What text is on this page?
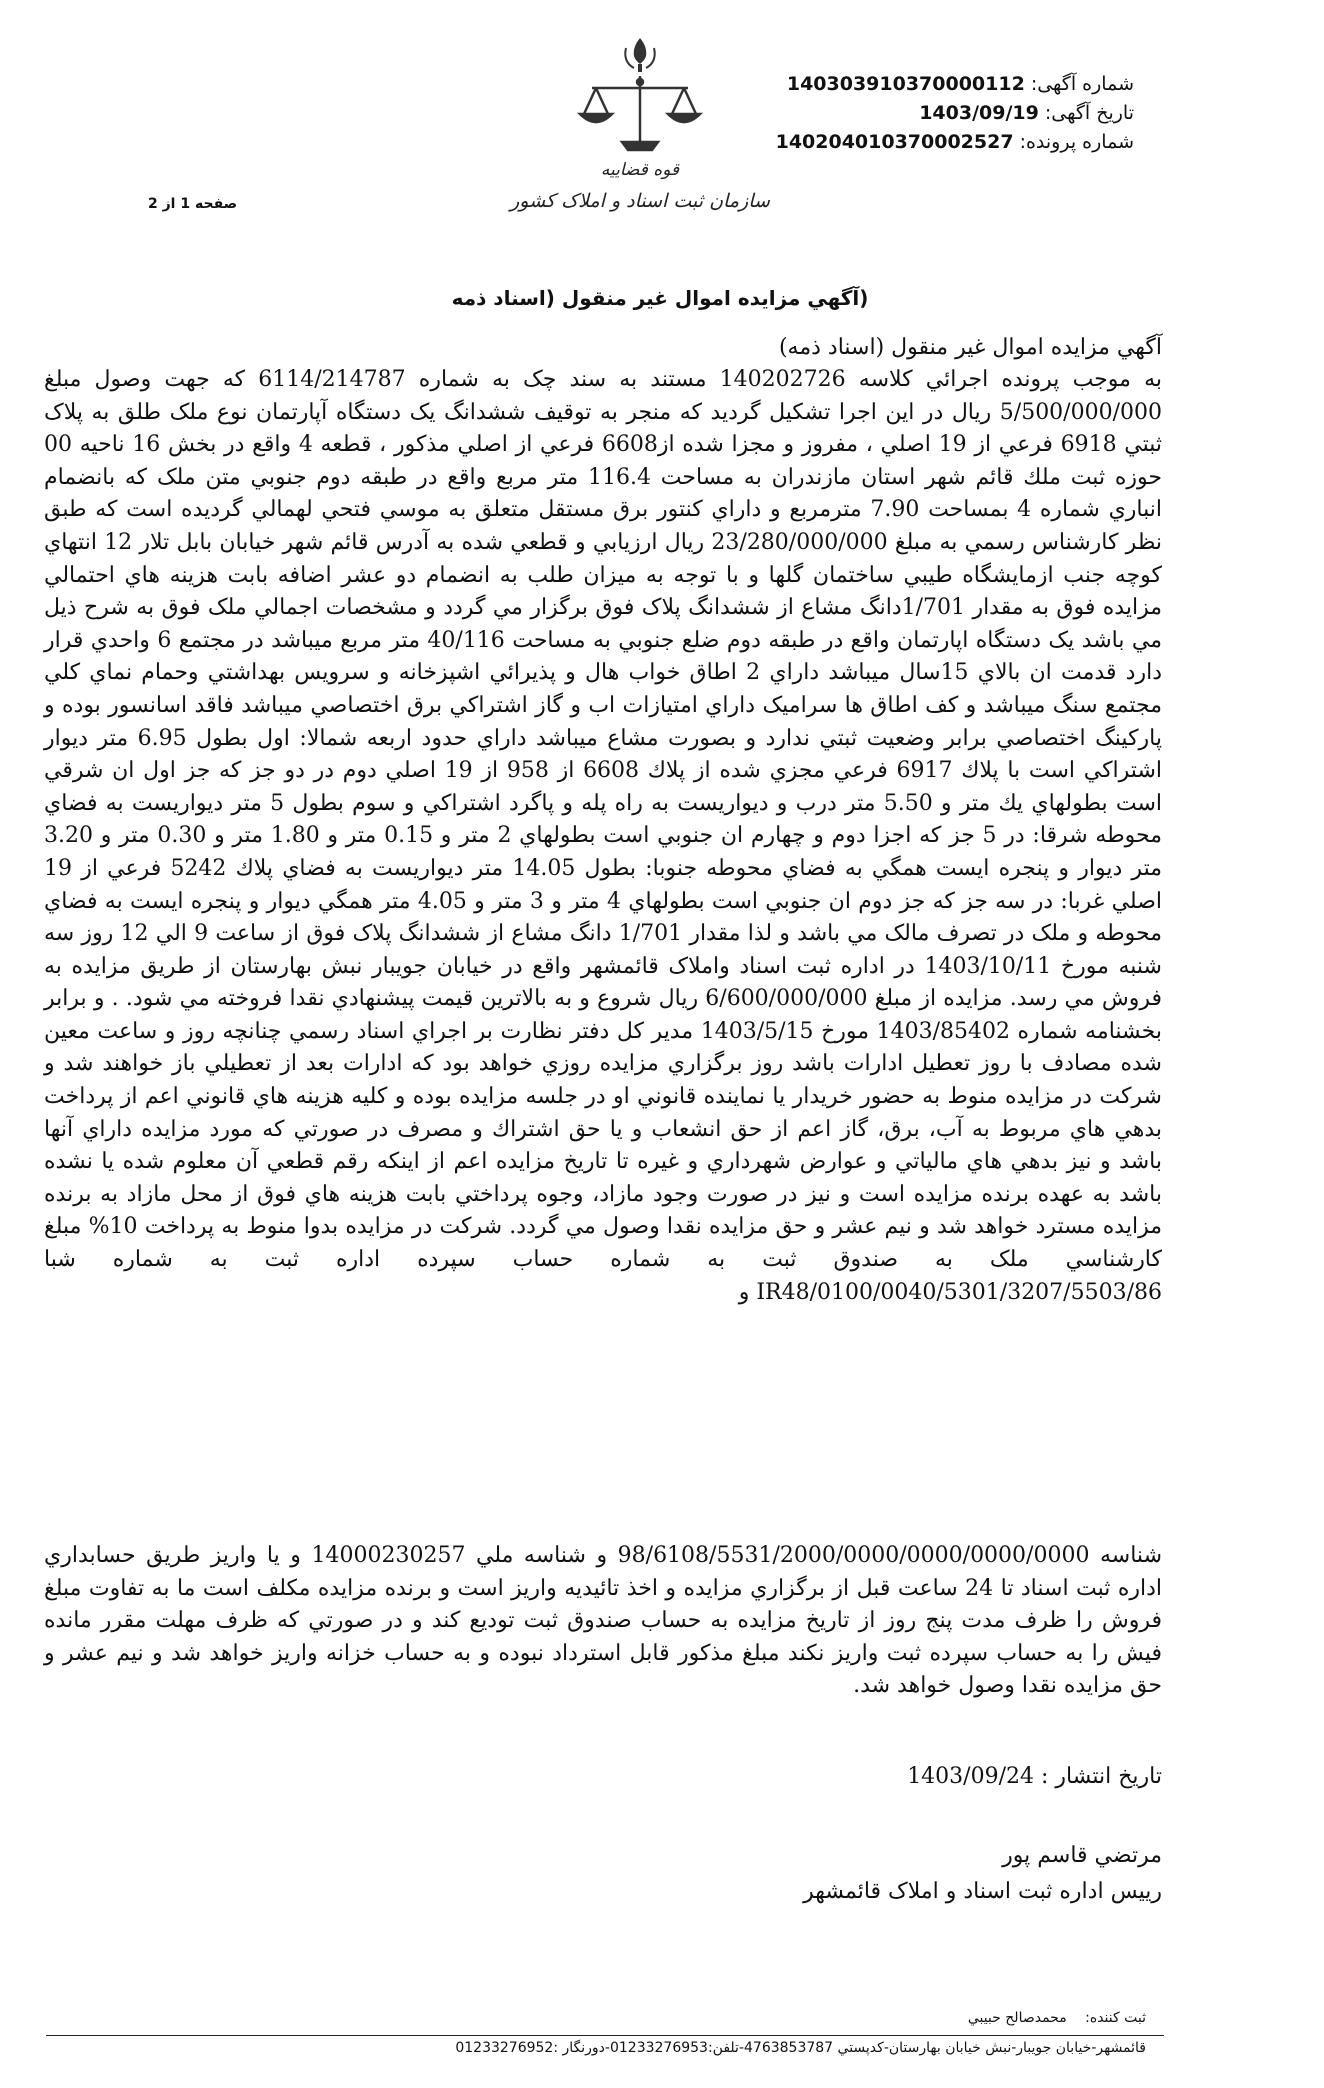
شماره آگهی:140303910370000112
تاریخ آگهی:1403/09/19
شماره پرونده:140204010370002527
صفحه 1 از 2
قوه قضاییه
سازمان ثبت اسناد و املاک کشور
(آگهي مزايده اموال غير منقول (اسناد ذمه
آگهي مزايده اموال غير منقول (اسناد ذمه)
به موجب پرونده اجرائي كلاسه 140202726 مستند به سند چک به شماره 6114/214787 که جهت وصول مبلغ 5/500/000/000 ريال در اين اجرا تشكيل گرديد كه منجر به توقيف ششدانگ يک دستگاه آپارتمان نوع ملک طلق به پلاک ثبتي 6918 فرعي از 19 اصلي ، مفروز و مجزا شده از6608 فرعي از اصلي مذكور ، قطعه 4 واقع در بخش 16 ناحيه 00 حوزه ثبت ملك قائم شهر استان مازندران به مساحت 116.4 متر مربع واقع در طبقه دوم جنوبي متن ملک كه بانضمام انباري شماره 4 بمساحت 7.90 مترمربع و داراي كنتور برق مستقل متعلق به موسي فتحي لهمالي گرديده است كه طبق نظر كارشناس رسمي به مبلغ 23/280/000/000 ريال ارزيابي و قطعي شده به آدرس قائم شهر خيابان بابل تلار 12 انتهاي كوچه جنب ازمايشگاه طيبي ساختمان گلها و با توجه به ميزان طلب به انضمام دو عشر اضافه بابت هزينه هاي احتمالي مزايده فوق به مقدار 1/701دانگ مشاع از ششدانگ پلاک فوق برگزار مي گردد و مشخصات اجمالي ملک فوق به شرح ذيل مي باشد يک دستگاه اپارتمان واقع در طبقه دوم ضلع جنوبي به مساحت 40/116 متر مربع ميباشد در مجتمع 6 واحدي قرار دارد قدمت ان بالاي 15سال ميباشد داراي 2 اطاق خواب هال و پذيرائي اشپزخانه و سرويس بهداشتي وحمام نماي كلي مجتمع سنگ ميباشد و كف اطاق ها سراميک داراي امتيازات اب و گاز اشتراكي برق اختصاصي ميباشد فاقد اسانسور بوده و پاركينگ اختصاصي برابر وضعيت ثبتي ندارد و بصورت مشاع ميباشد داراي حدود اربعه شمالا: اول بطول 6.95 متر ديوار اشتراكي است با پلاك 6917 فرعي مجزي شده از پلاك 6608 از 958 از 19 اصلي دوم در دو جز كه جز اول ان شرقي است بطولهاي يك متر و 5.50 متر درب و ديواريست به راه پله و پاگرد اشتراكي و سوم بطول 5 متر ديواريست به فضاي محوطه شرقا: در 5 جز كه اجزا دوم و چهارم ان جنوبي است بطولهاي 2 متر و 0.15 متر و 1.80 متر و 0.30 متر و 3.20 متر ديوار و پنجره ايست همگي به فضاي محوطه جنوبا: بطول 14.05 متر ديواريست به فضاي پلاك 5242 فرعي از 19 اصلي غربا: در سه جز كه جز دوم ان جنوبي است بطولهاي 4 متر و 3 متر و 4.05 متر همگي ديوار و پنجره ايست به فضاي محوطه و ملک در تصرف مالک مي باشد و لذا مقدار 1/701 دانگ مشاع از ششدانگ پلاک فوق از ساعت 9 الي 12 روز سه شنبه مورخ 1403/10/11 در اداره ثبت اسناد واملاک قائمشهر واقع در خيابان جويبار نبش بهارستان از طريق مزايده به فروش مي رسد. مزايده از مبلغ 6/600/000/000 ريال شروع و به بالاترين قيمت پيشنهادي نقدا فروخته مي شود. . و برابر بخشنامه شماره 1403/85402 مورخ 1403/5/15 مدير كل دفتر نظارت بر اجراي اسناد رسمي چنانچه روز و ساعت معين شده مصادف با روز تعطيل ادارات باشد روز برگزاري مزايده روزي خواهد بود كه ادارات بعد از تعطيلي باز خواهند شد و شركت در مزايده منوط به حضور خريدار يا نماينده قانوني او در جلسه مزايده بوده و كليه هزينه هاي قانوني اعم از پرداخت بدهي هاي مربوط به آب، برق، گاز اعم از حق انشعاب و يا حق اشتراك و مصرف در صورتي كه مورد مزايده داراي آنها باشد و نيز بدهي هاي مالياتي و عوارض شهرداري و غيره تا تاريخ مزايده اعم از اينكه رقم قطعي آن معلوم شده يا نشده باشد به عهده برنده مزايده است و نيز در صورت وجود مازاد، وجوه پرداختي بابت هزينه هاي فوق از محل مازاد به برنده مزايده مسترد خواهد شد و نيم عشر و حق مزايده نقدا وصول مي گردد. شركت در مزايده بدوا منوط به پرداخت 10% مبلغ كارشناسي ملک به صندوق ثبت به شماره حساب سپرده اداره ثبت به شماره شبا IR48/0100/0040/5301/3207/5503/86 و
شناسه 98/6108/5531/2000/0000/0000/0000/0000 و شناسه ملي 14000230257 و يا واريز طريق حسابداري اداره ثبت اسناد تا 24 ساعت قبل از برگزاري مزايده و اخذ تائيديه واريز است و برنده مزايده مكلف است ما به تفاوت مبلغ فروش را ظرف مدت پنج روز از تاريخ مزايده به حساب صندوق ثبت توديع كند و در صورتي كه ظرف مهلت مقرر مانده فيش را به حساب سپرده ثبت واريز نكند مبلغ مذكور قابل استرداد نبوده و به حساب خزانه واريز خواهد شد و نيم عشر و حق مزايده نقدا وصول خواهد شد.
تاريخ انتشار : 1403/09/24
مرتضي قاسم پور
رييس اداره ثبت اسناد و املاک قائمشهر
ثبت كننده: محمدصالح حبيبي
قائمشهر-خيابان جويبار-نبش خيابان بهارستان-كدپستي 4763853787-تلفن:01233276953-دورنگار :01233276952
